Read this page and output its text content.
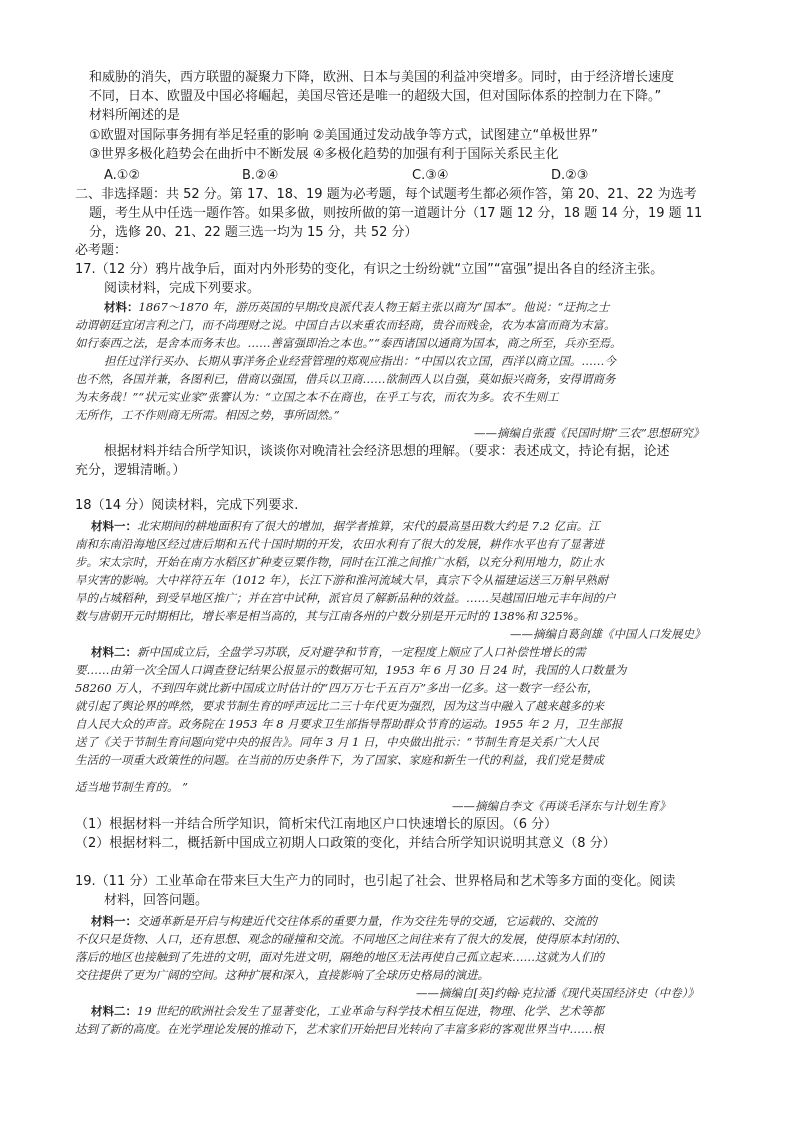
和威胁的消失，西方联盟的凝聚力下降，欧洲、日本与美国的利益冲突增多。同时，由于经济增长速度
不同，日本、欧盟及中国必将崛起，美国尽管还是唯一的超级大国，但对国际体系的控制力在下降。”
材料所阐述的是
①欧盟对国际事务拥有举足轻重的影响 ②美国通过发动战争等方式，试图建立“单极世界”
③世界多极化趋势会在曲折中不断发展 ④多极化趋势的加强有利于国际关系民主化
A.①②	B.②④	C.③④	D.②③
二、非选择题：共 52 分。第 17、18、19 题为必考题，每个试题考生都必须作答，第 20、21、22 为选考
题，考生从中任选一题作答。如果多做，则按所做的第一道题计分（17 题 12 分，18 题 14 分，19 题 11
分，选修 20、21、22 题三选一均为 15 分，共 52 分）
必考题：
17.（12 分）鸦片战争后，面对内外形势的变化，有识之士纷纷就“立国”“富强”提出各自的经济主张。
阅读材料，完成下列要求。
材料：1867～1870 年，游历英国的早期改良派代表人物王韬主张以商为“国本”。他说：“迂拘之士
动谓朝廷宜闭言利之门，而不尚理财之说。中国自古以来重农而轻商，贵谷而贱金，农为本富而商为末富。
如行泰西之法，是舍本而务末也。……善富强即治之本也。”“泰西诸国以通商为国本，商之所至，兵亦至焉。
担任过洋行买办、长期从事洋务企业经营管理的郑观应指出：“中国以农立国，西洋以商立国。……今
也不然，各国并兼，各图利已，借商以强国，借兵以卫商……欲制西人以自强，莫如振兴商务，安得谓商务
为末务哉！”“状元实业家”张謇认为：“立国之本不在商也，在乎工与农，而农为多。农不生则工
无所作，工不作则商无所需。相因之势，事所固然。”
——摘编自张霞《民国时期“三农”思想研究》
根据材料并结合所学知识，谈谈你对晚清社会经济思想的理解。（要求：表述成文，持论有据，论述
充分，逻辑清晰。）
18（14 分）阅读材料，完成下列要求.
材料一：北宋期间的耕地面积有了很大的增加，据学者推算，宋代的最高垦田数大约是 7.2 亿亩。江
南和东南沿海地区经过唐后期和五代十国时期的开发，农田水利有了很大的发展，耕作水平也有了显著进
步。宋太宗时，开始在南方水稻区扩种麦豆粟作物，同时在江淮之间推广水稻，以充分利用地力，防止水
旱灾害的影响。大中祥符五年（1012 年），长江下游和淮河流域大旱，真宗下令从福建运送三万斛早熟耐
旱的占城稻种，到受旱地区推广；并在宫中试种，派官员了解新品种的效益。……吴越国旧地元丰年间的户
数与唐朝开元时期相比，增长率是相当高的，其与江南各州的户数分别是开元时的 138%和 325%。
——摘编自葛剑雄《中国人口发展史》
材料二：新中国成立后，全盘学习苏联，反对避孕和节育，一定程度上顺应了人口补偿性增长的需
要……由第一次全国人口调查登记结果公报显示的数据可知，1953 年 6 月 30 日 24 时，我国的人口数量为
58260 万人，不到四年就比新中国成立时估计的“四万万七千五百万”多出一亿多。这一数字一经公布，
就引起了舆论界的哗然，要求节制生育的呼声远比二三十年代更为强烈，因为这当中融入了越来越多的来
自人民大众的声音。政务院在 1953 年 8 月要求卫生部指导帮助群众节育的运动。1955 年 2 月，卫生部报
送了《关于节制生育问题向党中央的报告》。同年 3 月 1 日，中央做出批示：“节制生育是关系广大人民
生活的一项重大政策性的问题。在当前的历史条件下，为了国家、家庭和新生一代的利益，我们党是赞成
适当地节制生育的。 ”
——摘编自李文《再谈毛泽东与计划生育》
（1）根据材料一并结合所学知识，简析宋代江南地区户口快速增长的原因。（6 分）
（2）根据材料二，概括新中国成立初期人口政策的变化，并结合所学知识说明其意义（8 分）
19.（11 分）工业革命在带来巨大生产力的同时，也引起了社会、世界格局和艺术等多方面的变化。阅读
材料，回答问题。
材料一：交通革新是开启与构建近代交往体系的重要力量，作为交往先导的交通，它运载的、交流的
不仅只是货物、人口，还有思想、观念的碰撞和交流。不同地区之间往来有了很大的发展，使得原本封闭的、
落后的地区也接触到了先进的文明，面对先进文明，隔绝的地区无法再使自己孤立起来……这就为人们的
交往提供了更为广阔的空间。这种扩展和深入，直接影响了全球历史格局的演进。
——摘编自[英]约翰·克拉潘《现代英国经济史（中卷）》
材料二：19 世纪的欧洲社会发生了显著变化，工业革命与科学技术相互促进，物理、化学、艺术等都
达到了新的高度。在光学理论发展的推动下，艺术家们开始把目光转向了丰富多彩的客观世界当中……根
